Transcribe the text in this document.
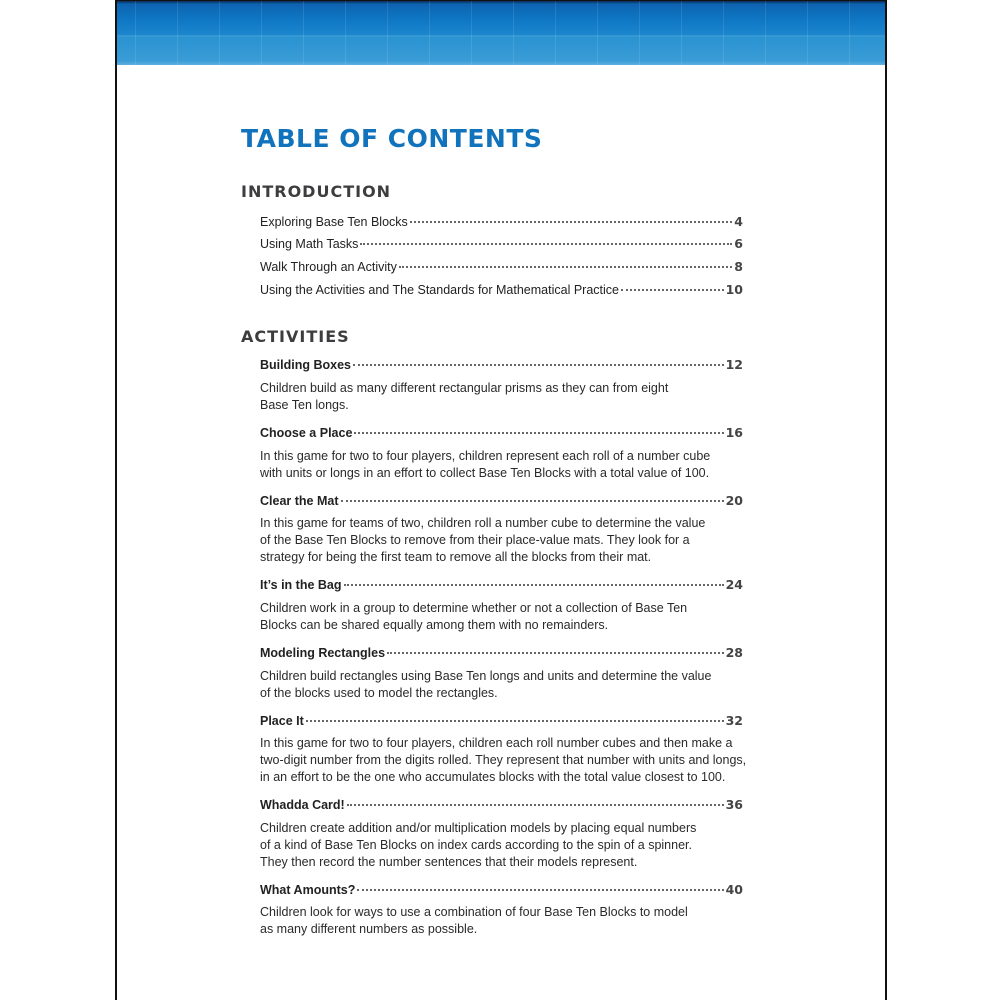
TABLE OF CONTENTS
INTRODUCTION
Exploring Base Ten Blocks	4
Using Math Tasks	6
Walk Through an Activity	8
Using the Activities and The Standards for Mathematical Practice	10
ACTIVITIES
Building Boxes	12

Children build as many different rectangular prisms as they can from eight
Base Ten longs.

Choose a Place	16

In this game for two to four players, children represent each roll of a number cube
with units or longs in an effort to collect Base Ten Blocks with a total value of 100.

Clear the Mat	20

In this game for teams of two, children roll a number cube to determine the value
of the Base Ten Blocks to remove from their place-value mats. They look for a
strategy for being the first team to remove all the blocks from their mat.

It’s in the Bag	24

Children work in a group to determine whether or not a collection of Base Ten
Blocks can be shared equally among them with no remainders.

Modeling Rectangles	28

Children build rectangles using Base Ten longs and units and determine the value
of the blocks used to model the rectangles.

Place It	32

In this game for two to four players, children each roll number cubes and then make a
two-digit number from the digits rolled. They represent that number with units and longs,
in an effort to be the one who accumulates blocks with the total value closest to 100.

Whadda Card!	36

Children create addition and/or multiplication models by placing equal numbers
of a kind of Base Ten Blocks on index cards according to the spin of a spinner.
They then record the number sentences that their models represent.

What Amounts?	40

Children look for ways to use a combination of four Base Ten Blocks to model
as many different numbers as possible.
